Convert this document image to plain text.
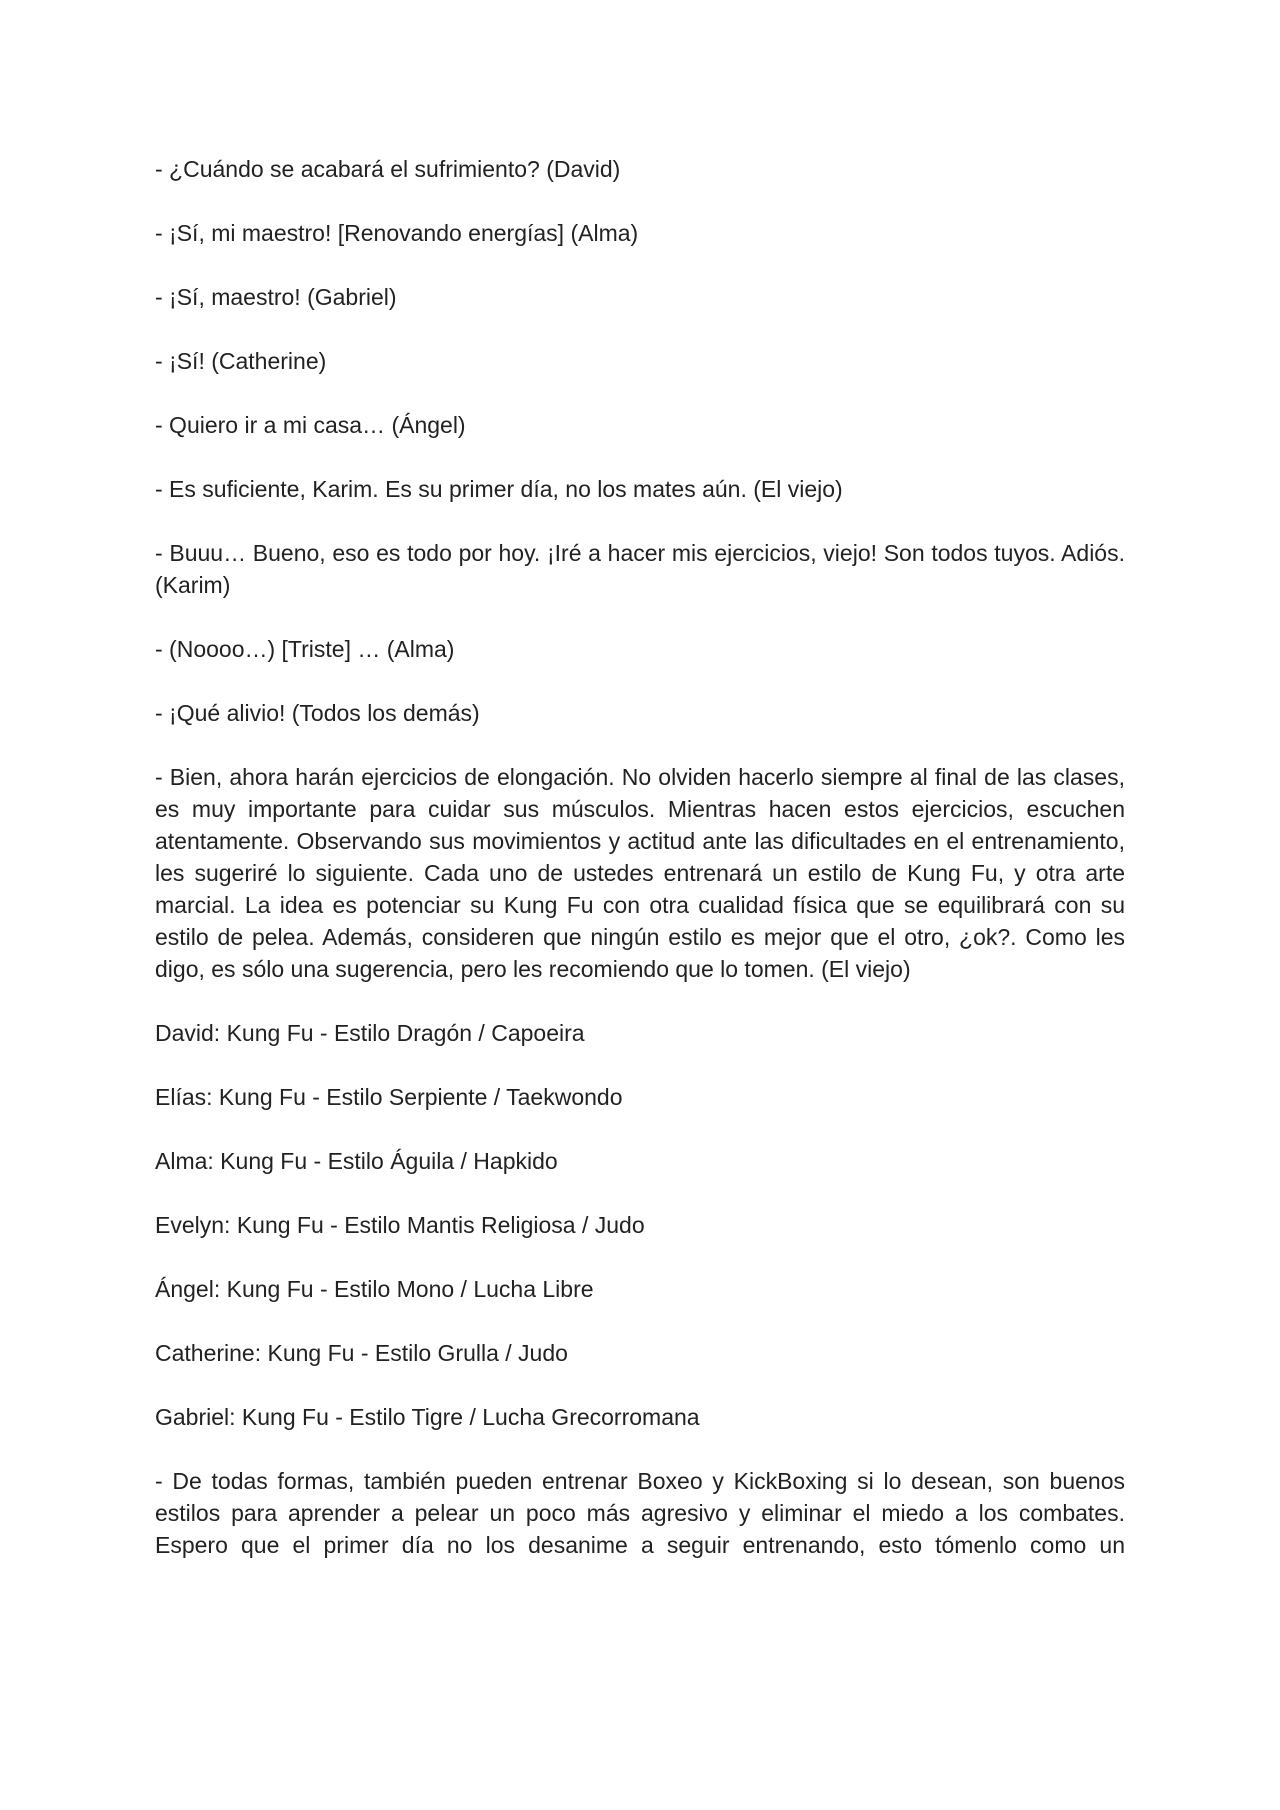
- ¿Cuándo se acabará el sufrimiento? (David)

- ¡Sí, mi maestro! [Renovando energías] (Alma)

- ¡Sí, maestro! (Gabriel)

- ¡Sí! (Catherine)

- Quiero ir a mi casa… (Ángel)

- Es suficiente, Karim. Es su primer día, no los mates aún. (El viejo)

- Buuu… Bueno, eso es todo por hoy. ¡Iré a hacer mis ejercicios, viejo! Son todos tuyos. Adiós. (Karim)

- (Noooo…) [Triste] … (Alma)

- ¡Qué alivio! (Todos los demás)

- Bien, ahora harán ejercicios de elongación. No olviden hacerlo siempre al final de las clases, es muy importante para cuidar sus músculos. Mientras hacen estos ejercicios, escuchen atentamente. Observando sus movimientos y actitud ante las dificultades en el entrenamiento, les sugeriré lo siguiente. Cada uno de ustedes entrenará un estilo de Kung Fu, y otra arte marcial. La idea es potenciar su Kung Fu con otra cualidad física que se equilibrará con su estilo de pelea. Además, consideren que ningún estilo es mejor que el otro, ¿ok?. Como les digo, es sólo una sugerencia, pero les recomiendo que lo tomen. (El viejo)

David: Kung Fu - Estilo Dragón / Capoeira

Elías: Kung Fu - Estilo Serpiente / Taekwondo

Alma: Kung Fu - Estilo Águila / Hapkido

Evelyn: Kung Fu - Estilo Mantis Religiosa / Judo

Ángel: Kung Fu - Estilo Mono / Lucha Libre

Catherine: Kung Fu - Estilo Grulla / Judo

Gabriel: Kung Fu - Estilo Tigre / Lucha Grecorromana

- De todas formas, también pueden entrenar Boxeo y KickBoxing si lo desean, son buenos estilos para aprender a pelear un poco más agresivo y eliminar el miedo a los combates. Espero que el primer día no los desanime a seguir entrenando, esto tómenlo como un
